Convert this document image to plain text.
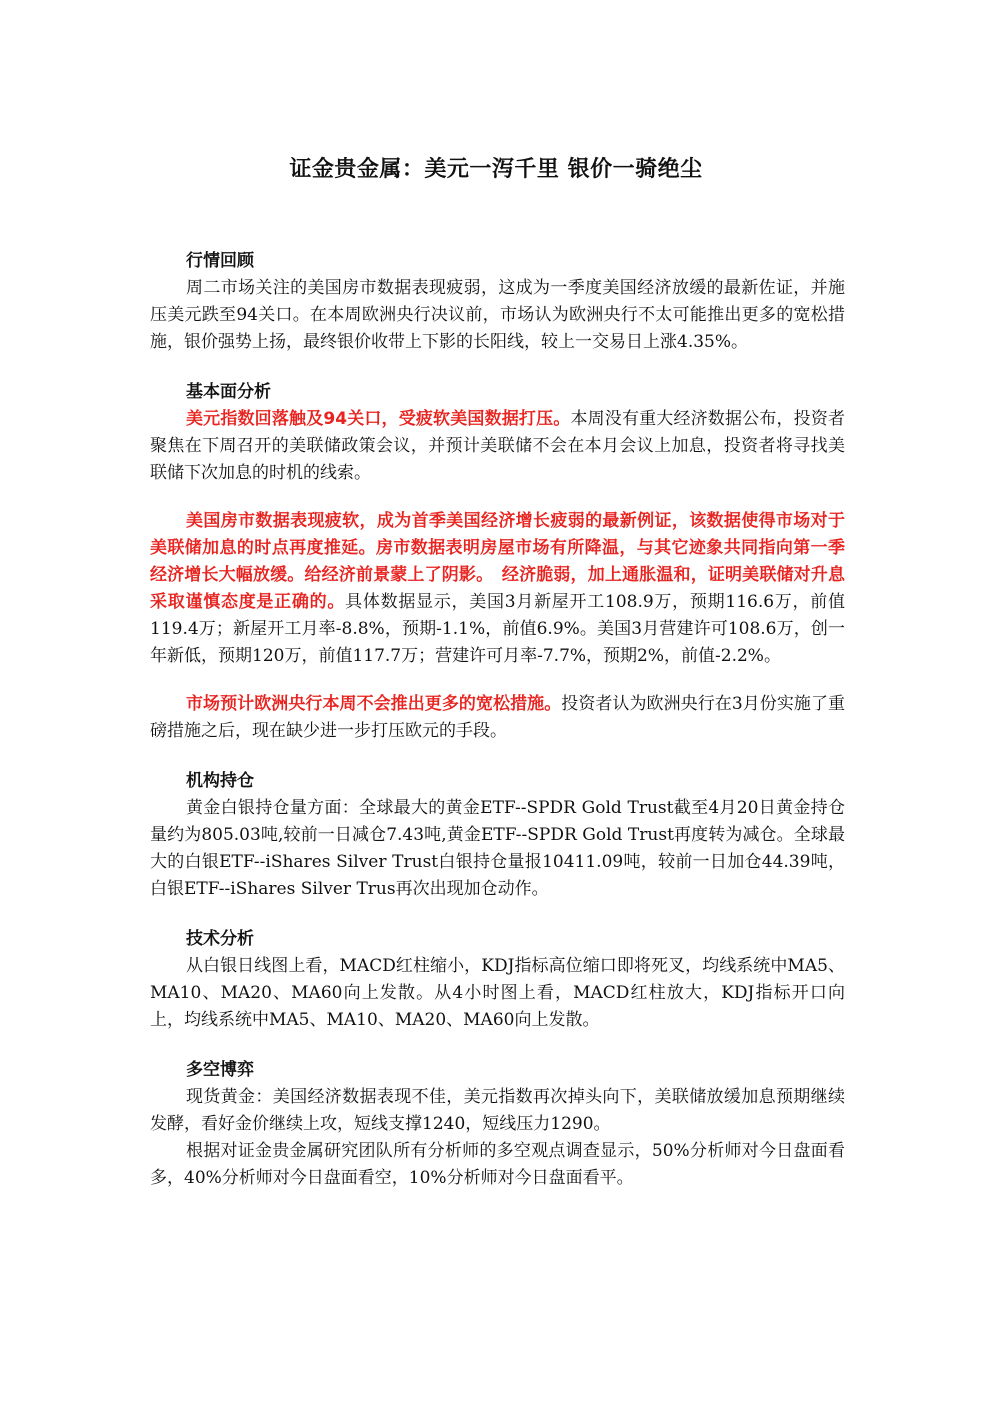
证金贵金属：美元一泻千里 银价一骑绝尘
行情回顾

周二市场关注的美国房市数据表现疲弱，这成为一季度美国经济放缓的最新佐证，并施压美元跌至94关口。在本周欧洲央行决议前，市场认为欧洲央行不太可能推出更多的宽松措施，银价强势上扬，最终银价收带上下影的长阳线，较上一交易日上涨4.35%。

基本面分析

美元指数回落触及94关口，受疲软美国数据打压。本周没有重大经济数据公布，投资者聚焦在下周召开的美联储政策会议，并预计美联储不会在本月会议上加息，投资者将寻找美联储下次加息的时机的线索。

美国房市数据表现疲软，成为首季美国经济增长疲弱的最新例证，该数据使得市场对于美联储加息的时点再度推延。房市数据表明房屋市场有所降温，与其它迹象共同指向第一季经济增长大幅放缓。给经济前景蒙上了阴影。　经济脆弱，加上通胀温和，证明美联储对升息采取谨慎态度是正确的。具体数据显示，美国3月新屋开工108.9万，预期116.6万，前值119.4万；新屋开工月率-8.8%，预期-1.1%，前值6.9%。美国3月营建许可108.6万，创一年新低，预期120万，前值117.7万；营建许可月率-7.7%，预期2%，前值-2.2%。

市场预计欧洲央行本周不会推出更多的宽松措施。投资者认为欧洲央行在3月份实施了重磅措施之后，现在缺少进一步打压欧元的手段。

机构持仓

黄金白银持仓量方面：全球最大的黄金ETF--SPDR Gold Trust截至4月20日黄金持仓量约为805.03吨,较前一日减仓7.43吨,黄金ETF--SPDR Gold Trust再度转为减仓。全球最大的白银ETF--iShares Silver Trust白银持仓量报10411.09吨，较前一日加仓44.39吨，白银ETF--iShares Silver Trus再次出现加仓动作。

技术分析

从白银日线图上看，MACD红柱缩小，KDJ指标高位缩口即将死叉，均线系统中MA5、MA10、MA20、MA60向上发散。从4小时图上看，MACD红柱放大，KDJ指标开口向上，均线系统中MA5、MA10、MA20、MA60向上发散。

多空博弈

现货黄金：美国经济数据表现不佳，美元指数再次掉头向下，美联储放缓加息预期继续发酵，看好金价继续上攻，短线支撑1240，短线压力1290。

根据对证金贵金属研究团队所有分析师的多空观点调查显示，50%分析师对今日盘面看多，40%分析师对今日盘面看空，10%分析师对今日盘面看平。
